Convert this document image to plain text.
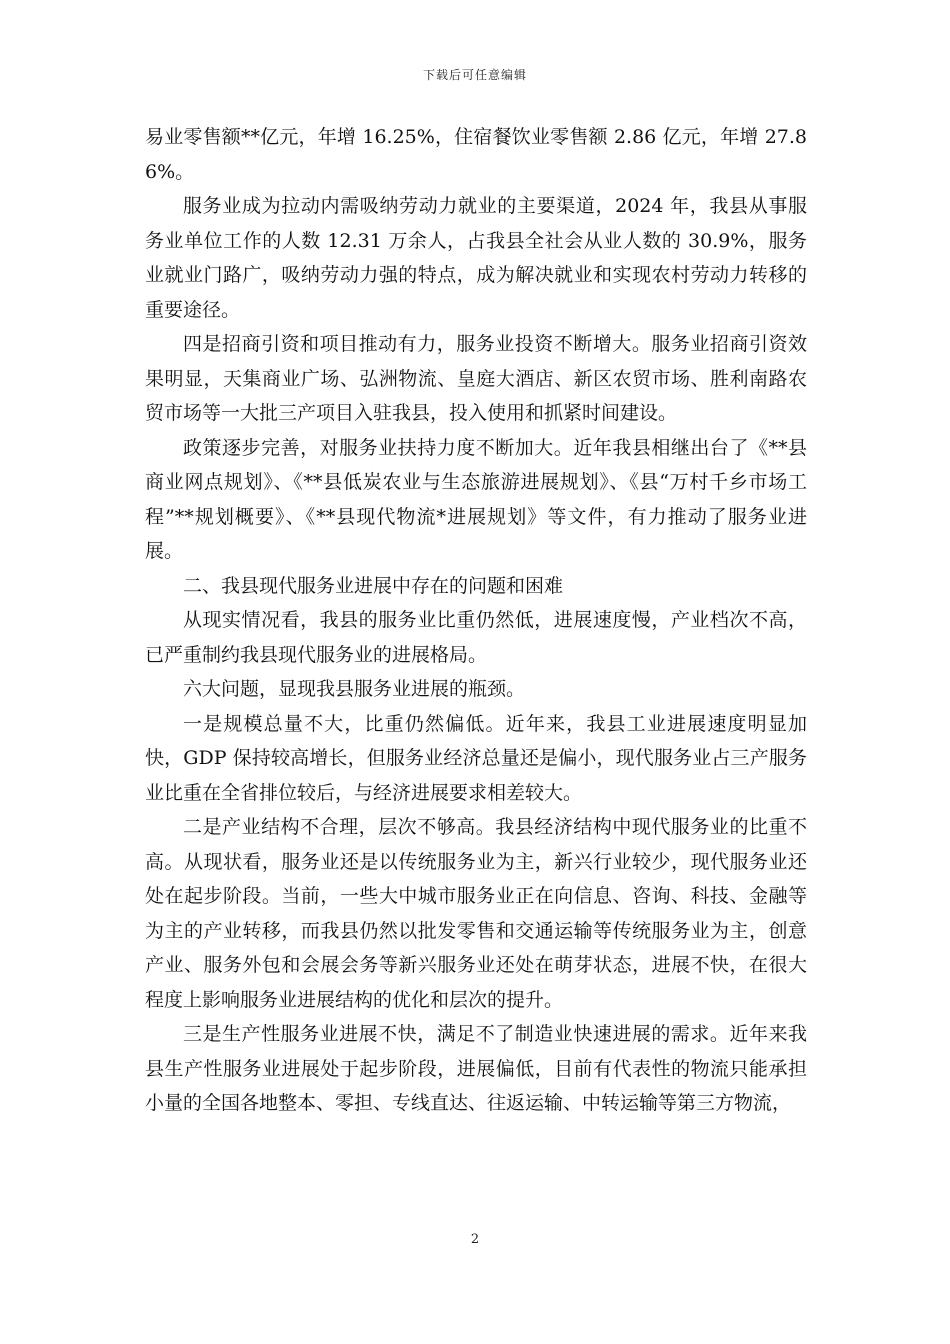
下载后可任意编辑

易业零售额**亿元，年增 16.25%，住宿餐饮业零售额 2.86 亿元，年增 27.86%。

服务业成为拉动内需吸纳劳动力就业的主要渠道，2024 年，我县从事服务业单位工作的人数 12.31 万余人，占我县全社会从业人数的 30.9%，服务业就业门路广，吸纳劳动力强的特点，成为解决就业和实现农村劳动力转移的重要途径。

四是招商引资和项目推动有力，服务业投资不断增大。服务业招商引资效果明显，天集商业广场、弘洲物流、皇庭大酒店、新区农贸市场、胜利南路农贸市场等一大批三产项目入驻我县，投入使用和抓紧时间建设。

政策逐步完善，对服务业扶持力度不断加大。近年我县相继出台了《**县商业网点规划》、《**县低炭农业与生态旅游进展规划》、《县“万村千乡市场工程”**规划概要》、《**县现代物流*进展规划》等文件，有力推动了服务业进展。

二、我县现代服务业进展中存在的问题和困难

从现实情况看，我县的服务业比重仍然低，进展速度慢，产业档次不高，已严重制约我县现代服务业的进展格局。

六大问题，显现我县服务业进展的瓶颈。

一是规模总量不大，比重仍然偏低。近年来，我县工业进展速度明显加快，GDP 保持较高增长，但服务业经济总量还是偏小，现代服务业占三产服务业比重在全省排位较后，与经济进展要求相差较大。

二是产业结构不合理，层次不够高。我县经济结构中现代服务业的比重不高。从现状看，服务业还是以传统服务业为主，新兴行业较少，现代服务业还处在起步阶段。当前，一些大中城市服务业正在向信息、咨询、科技、金融等为主的产业转移，而我县仍然以批发零售和交通运输等传统服务业为主，创意产业、服务外包和会展会务等新兴服务业还处在萌芽状态，进展不快，在很大程度上影响服务业进展结构的优化和层次的提升。

三是生产性服务业进展不快，满足不了制造业快速进展的需求。近年来我县生产性服务业进展处于起步阶段，进展偏低，目前有代表性的物流只能承担小量的全国各地整本、零担、专线直达、往返运输、中转运输等第三方物流，

2
